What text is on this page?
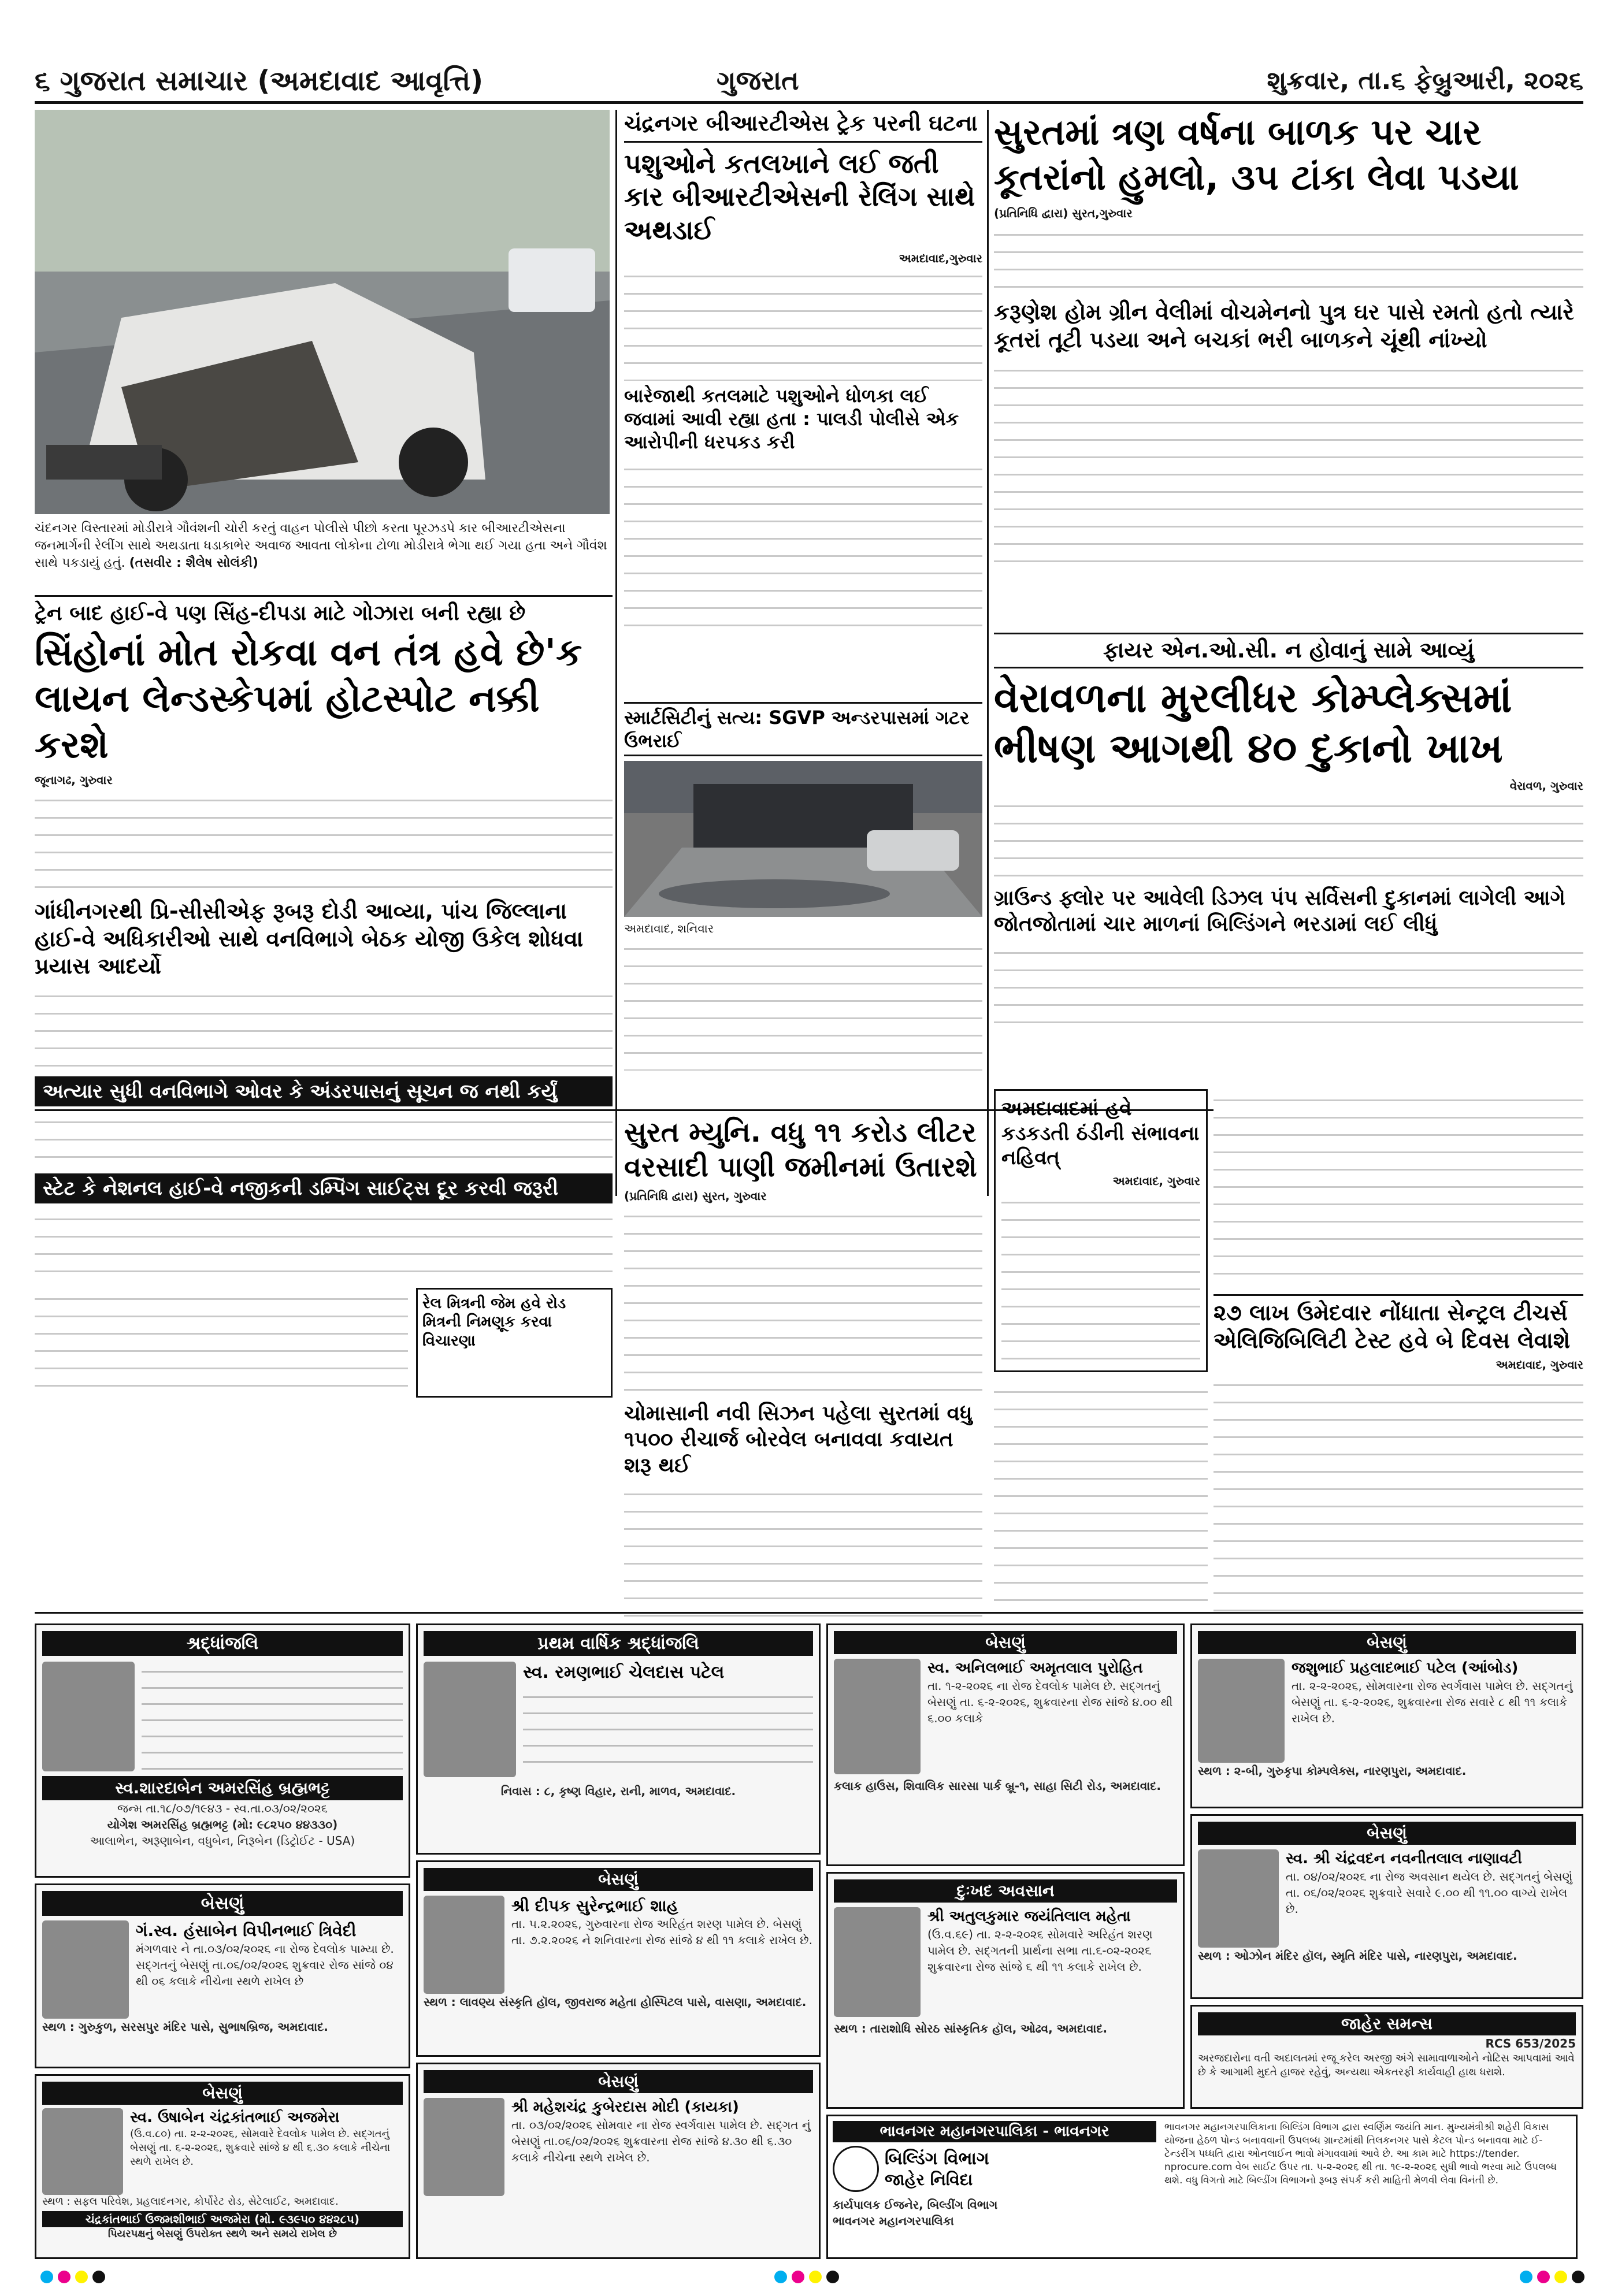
૬ ગુજરાત સમાચાર (અમદાવાદ આવૃત્તિ)	ગુજરાત	શુક્રવાર, તા.૬ ફેબ્રુઆરી, ૨૦૨૬
ચંદનગર વિસ્તારમાં મોડીરાત્રે ગૌવંશની ચોરી કરતું વાહન પોલીસે પીછો કરતા પૂરઝડપે કાર બીઆરટીએસના જનમાર્ગની રેલીંગ સાથે અથડાતા ધડાકાભેર અવાજ આવતા લોકોના ટોળા મોડીરાત્રે ભેગા થઈ ગયા હતા અને ગૌવંશ સાથે પકડાયું હતું. (તસવીર : શૈલેષ સોલંકી)
ચંદ્રનગર બીઆરટીએસ ટ્રેક પરની ઘટના
પશુઓને કતલખાને લઈ જતી કાર બીઆરટીએસની રેલિંગ સાથે અથડાઈ
અમદાવાદ,ગુરુવાર
બારેજાથી કતલમાટે પશુઓને ધોળકા લઈ જવામાં આવી રહ્યા હતા : પાલડી પોલીસે એક આરોપીની ધરપકડ કરી
સ્માર્ટસિટીનું સત્ય: SGVP અન્ડરપાસમાં ગટર ઉભરાઈ
અમદાવાદ, શનિવાર
સુરતમાં ત્રણ વર્ષના બાળક પર ચાર કૂતરાંનો હુમલો, ૩૫ ટાંકા લેવા પડયા
(પ્રતિનિધિ દ્વારા) સુરત,ગુરુવાર
કરૂણેશ હોમ ગ્રીન વેલીમાં વોચમેનનો પુત્ર ઘર પાસે રમતો હતો ત્યારે કૂતરાં તૂટી પડયા અને બચકાં ભરી બાળકને ચૂંથી નાંખ્યો
ફાયર એન.ઓ.સી. ન હોવાનું સામે આવ્યું
વેરાવળના મુરલીધર કોમ્પ્લેક્સમાં ભીષણ આગથી ૪૦ દુકાનો ખાખ
વેરાવળ, ગુરુવાર
ગ્રાઉન્ડ ફ્લોર પર આવેલી ડિઝલ પંપ સર્વિસની દુકાનમાં લાગેલી આગે જોતજોતામાં ચાર માળનાં બિલ્ડિંગને ભરડામાં લઈ લીધું
અમદાવાદમાં હવે કડકડતી ઠંડીની સંભાવના નહિવત્
અમદાવાદ, ગુરુવાર
૨૭ લાખ ઉમેદવાર નોંધાતા સેન્ટ્રલ ટીચર્સ એલિજિબિલિટી ટેસ્ટ હવે બે દિવસ લેવાશે
અમદાવાદ, ગુરુવાર
સુરત મ્યુનિ. વધુ ૧૧ કરોડ લીટર વરસાદી પાણી જમીનમાં ઉતારશે
(પ્રતિનિધિ દ્વારા) સુરત, ગુરુવાર
ચોમાસાની નવી સિઝન પહેલા સુરતમાં વધુ ૧૫૦૦ રીચાર્જ બોરવેલ બનાવવા કવાયત શરૂ થઈ
ટ્રેન બાદ હાઈ-વે પણ સિંહ-દીપડા માટે ગોઝારા બની રહ્યા છે
સિંહોનાં મોત રોકવા વન તંત્ર હવે છે'ક લાયન લેન્ડસ્કેપમાં હોટસ્પોટ નક્કી કરશે
જૂનાગઢ, ગુરુવાર
ગાંધીનગરથી પ્રિ-સીસીએફ રૂબરૂ દોડી આવ્યા, પાંચ જિલ્લાના હાઈ-વે અધિકારીઓ સાથે વનવિભાગે બેઠક યોજી ઉકેલ શોધવા પ્રયાસ આદર્યો
અત્યાર સુધી વનવિભાગે ઓવર કે અંડરપાસનું સૂચન જ નથી કર્યું
સ્ટેટ કે નેશનલ હાઈ-વે નજીકની ડમ્પિંગ સાઈટ્સ દૂર કરવી જરૂરી
રેલ મિત્રની જેમ હવે રોડ મિત્રની નિમણૂક કરવા વિચારણા
શ્રદ્ધાંજલિ
સ્વ.શારદાબેન અમરસિંહ બ્રહ્મભટ્ટ
જન્મ તા.૧૮/૦૭/૧૯૪૩ - સ્વ.તા.૦૩/૦૨/૨૦૨૬
યોગેશ અમરસિંહ બ્રહ્મભટ્ટ (મો: ૯૮૨૫૦ ૪૪૩૩૦)
આલાભેન, અરૂણાબેન, વધુબેન, નિરૂબેન (ડિટ્રોઈટ - USA)
બેસણું
ગં.સ્વ. હંસાબેન વિપીનભાઈ ત્રિવેદી
મંગળવાર ને તા.૦૩/૦૨/૨૦૨૬ ના રોજ દેવલોક પામ્યા છે. સદ્ગતનું બેસણું તા.૦૬/૦૨/૨૦૨૬ શુક્રવાર રોજ સાંજે ૦૪ થી ૦૬ કલાકે નીચેના સ્થળે રાખેલ છે
સ્થળ : ગુરુકુળ, સરસપુર મંદિર પાસે, સુભાષબ્રિજ, અમદાવાદ.
બેસણું
સ્વ. ઉષાબેન ચંદ્રકાંતભાઈ અજમેરા
(ઉ.વ.૮૦) તા. ૨-૨-૨૦૨૬, સોમવારે દેવલોક પામેલ છે. સદ્ગતનું બેસણું તા. ૬-૨-૨૦૨૬, શુક્રવારે સાંજે ૪ થી ૬.૩૦ કલાકે નીચેના સ્થળે રાખેલ છે.
સ્થળ : સફલ પરિવેશ, પ્રહલાદનગર, કોર્પોરેટ રોડ, સેટેલાઈટ, અમદાવાદ.
ચંદ્રકાંતભાઈ ઉજમશીભાઈ અજમેરા (મો. ૯૩૯૫૦ ૪૪૨૮૫)
પિયરપક્ષનું બેસણું ઉપરોક્ત સ્થળે અને સમયે રાખેલ છે
પ્રથમ વાર્ષિક શ્રદ્ધાંજલિ
સ્વ. રમણભાઈ ચેલદાસ પટેલ
નિવાસ : ૮, કૃષ્ણ વિહાર, રાની, માળવ, અમદાવાદ.
બેસણું
શ્રી દીપક સુરેન્દ્રભાઈ શાહ
તા. ૫.૨.૨૦૨૬, ગુરુવારના રોજ અરિહંત શરણ પામેલ છે. બેસણું તા. ૭.૨.૨૦૨૬ ને શનિવારના રોજ સાંજે ૪ થી ૧૧ કલાકે રાખેલ છે.
સ્થળ : લાવણ્ય સંસ્કૃતિ હૉલ, જીવરાજ મહેતા હોસ્પિટલ પાસે, વાસણા, અમદાવાદ.
બેસણું
શ્રી મહેશચંદ્ર કુબેરદાસ મોદી (કાયકા)
તા. ૦૩/૦૨/૨૦૨૬ સોમવાર ના રોજ સ્વર્ગવાસ પામેલ છે. સદ્ગત નું બેસણું તા.૦૬/૦૨/૨૦૨૬ શુક્રવારના રોજ સાંજે ૪.૩૦ થી ૬.૩૦ કલાકે નીચેના સ્થળે રાખેલ છે.
બેસણું
સ્વ. અનિલભાઈ અમૃતલાલ પુરોહિત
તા. ૧-૨-૨૦૨૬ ના રોજ દેવલોક પામેલ છે. સદ્ગતનું બેસણું તા. ૬-૨-૨૦૨૬, શુક્રવારના રોજ સાંજે ૪.૦૦ થી ૬.૦૦ કલાકે
કલાક હાઉસ, શિવાલિક સારસા પાર્ક બ્રૂ-૧, સાહા સિટી રોડ, અમદાવાદ.
દુઃખદ અવસાન
શ્રી અતુલકુમાર જયંતિલાલ મહેતા
(ઉ.વ.૬૯) તા. ૨-૨-૨૦૨૬ સોમવારે અરિહંત શરણ પામેલ છે. સદ્ગતની પ્રાર્થના સભા તા.૬-૦૨-૨૦૨૬ શુક્રવારના રોજ સાંજે ૬ થી ૧૧ કલાકે રાખેલ છે.
સ્થળ : તારાશોધિ સોરઠ સાંસ્કૃતિક હૉલ, ઓઢવ, અમદાવાદ.
ભાવનગર મહાનગરપાલિકા - ભાવનગર
બિલ્ડિંગ વિભાગ
જાહેર નિવિદા
કાર્યપાલક ઈજનેર, બિલ્ડીંગ વિભાગ
ભાવનગર મહાનગરપાલિકા
ભાવનગર મહાનગરપાલિકાના બિલ્ડિંગ વિભાગ દ્વારા સ્વર્ણિમ જયંતિ માન. મુખ્યમંત્રીશ્રી શહેરી વિકાસ યોજના હેઠળ પોન્ડ બનાવવાની ઉપલબ્ધ ગ્રાન્ટમાંથી તિલકનગર પાસે કેટલ પોન્ડ બનાવવા માટે ઈ-ટેન્ડરીંગ પધ્ધતિ દ્વારા ઓનલાઈન ભાવો મંગાવવામાં આવે છે. આ કામ માટે https://tender. nprocure.com વેબ સાઈટ ઉપર તા. ૫-૨-૨૦૨૬ થી તા. ૧૯-૨-૨૦૨૬ સુધી ભાવો ભરવા માટે ઉપલબ્ધ થશે. વધુ વિગતો માટે બિલ્ડીંગ વિભાગનો રૂબરૂ સંપર્ક કરી માહિતી મેળવી લેવા વિનંતી છે.
બેસણું
જશુભાઈ પ્રહલાદભાઈ પટેલ (આંબોડ)
તા. ૨-૨-૨૦૨૬, સોમવારના રોજ સ્વર્ગવાસ પામેલ છે. સદ્ગતનું બેસણું તા. ૬-૨-૨૦૨૬, શુક્રવારના રોજ સવારે ૮ થી ૧૧ કલાકે રાખેલ છે.
સ્થળ : ૨-બી, ગુરુકૃપા કોમ્પલેક્સ, નારણપુરા, અમદાવાદ.
બેસણું
સ્વ. શ્રી ચંદ્રવદન નવનીતલાલ નાણાવટી
તા. ૦૪/૦૨/૨૦૨૬ ના રોજ અવસાન થયેલ છે. સદ્ગતનું બેસણું તા. ૦૬/૦૨/૨૦૨૬ શુક્રવારે સવારે ૯.૦૦ થી ૧૧.૦૦ વાગ્યે રાખેલ છે.
સ્થળ : ઓઝોન મંદિર હૉલ, સ્મૃતિ મંદિર પાસે, નારણપુરા, અમદાવાદ.
જાહેર સમન્સ
RCS 653/2025
અરજદારોના વતી અદાલતમાં રજૂ કરેલ અરજી અંગે સામાવાળાઓને નોટિસ આપવામાં આવે છે કે આગામી મુદતે હાજર રહેવું, અન્યથા એકતરફી કાર્યવાહી હાથ ધરાશે.
